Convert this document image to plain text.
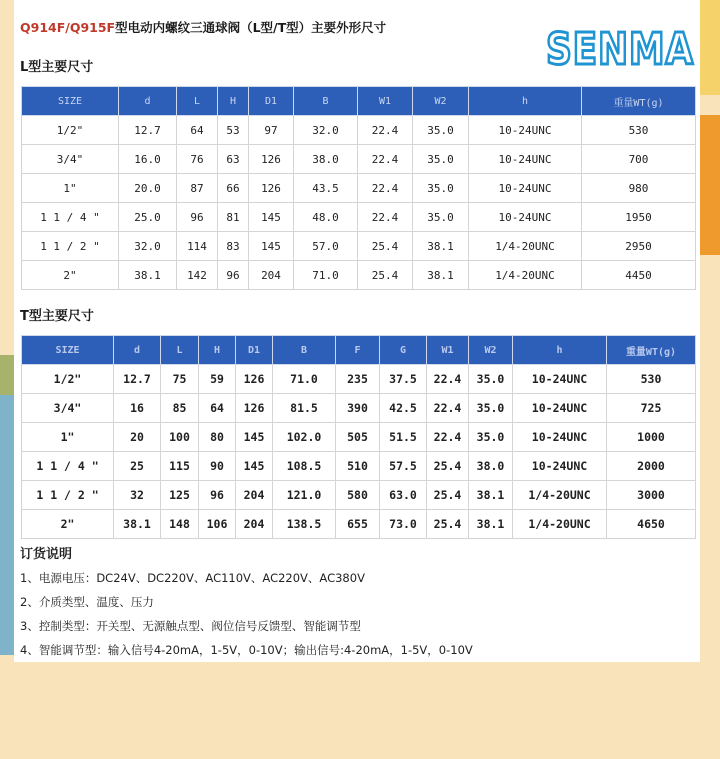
Q914F/Q915F型电动内螺纹三通球阀（L型/T型）主要外形尺寸	SENMA
L型主要尺寸
SIZE	d	L	H	D1	B	W1	W2	h	重量WT(g)
1/2"	12.7	64	53	97	32.0	22.4	35.0	10-24UNC	530
3/4"	16.0	76	63	126	38.0	22.4	35.0	10-24UNC	700
1"	20.0	87	66	126	43.5	22.4	35.0	10-24UNC	980
1 1 / 4 "	25.0	96	81	145	48.0	22.4	35.0	10-24UNC	1950
1 1 / 2 "	32.0	114	83	145	57.0	25.4	38.1	1/4-20UNC	2950
2"	38.1	142	96	204	71.0	25.4	38.1	1/4-20UNC	4450
T型主要尺寸
SIZE	d	L	H	D1	B	F	G	W1	W2	h	重量WT(g)
1/2"	12.7	75	59	126	71.0	235	37.5	22.4	35.0	10-24UNC	530
3/4"	16	85	64	126	81.5	390	42.5	22.4	35.0	10-24UNC	725
1"	20	100	80	145	102.0	505	51.5	22.4	35.0	10-24UNC	1000
1 1 / 4 "	25	115	90	145	108.5	510	57.5	25.4	38.0	10-24UNC	2000
1 1 / 2 "	32	125	96	204	121.0	580	63.0	25.4	38.1	1/4-20UNC	3000
2"	38.1	148	106	204	138.5	655	73.0	25.4	38.1	1/4-20UNC	4650
订货说明
1、电源电压：DC24V、DC220V、AC110V、AC220V、AC380V
2、介质类型、温度、压力
3、控制类型：开关型、无源触点型、阀位信号反馈型、智能调节型
4、智能调节型：输入信号4-20mA，1-5V，0-10V；输出信号:4-20mA，1-5V，0-10V
